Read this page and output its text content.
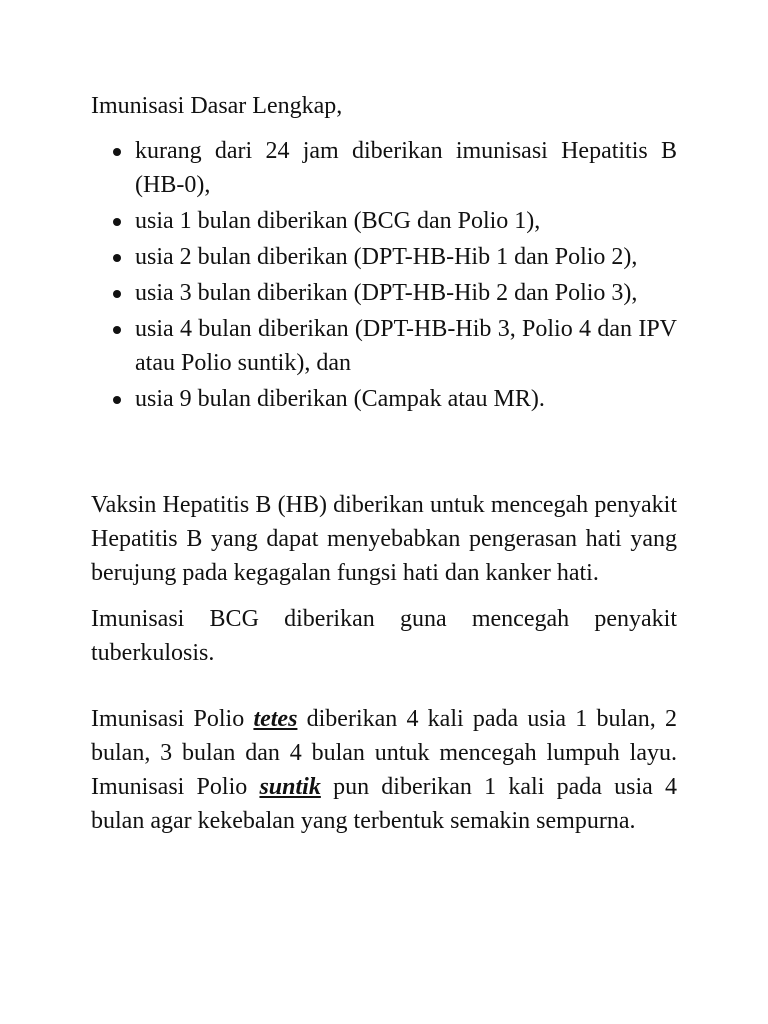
Imunisasi Dasar Lengkap,

kurang dari 24 jam diberikan imunisasi Hepatitis B (HB-0),
usia 1 bulan diberikan (BCG dan Polio 1),
usia 2 bulan diberikan (DPT-HB-Hib 1 dan Polio 2),
usia 3 bulan diberikan (DPT-HB-Hib 2 dan Polio 3),
usia 4 bulan diberikan (DPT-HB-Hib 3, Polio 4 dan IPV atau Polio suntik), dan
usia 9 bulan diberikan (Campak atau MR).

Vaksin Hepatitis B (HB) diberikan untuk mencegah penyakit Hepatitis B yang dapat menyebabkan pengerasan hati yang berujung pada kegagalan fungsi hati dan kanker hati.

Imunisasi BCG diberikan guna mencegah penyakit tuberkulosis.

Imunisasi Polio tetes diberikan 4 kali pada usia 1 bulan, 2 bulan, 3 bulan dan 4 bulan untuk mencegah lumpuh layu. Imunisasi Polio suntik pun diberikan 1 kali pada usia 4 bulan agar kekebalan yang terbentuk semakin sempurna.
